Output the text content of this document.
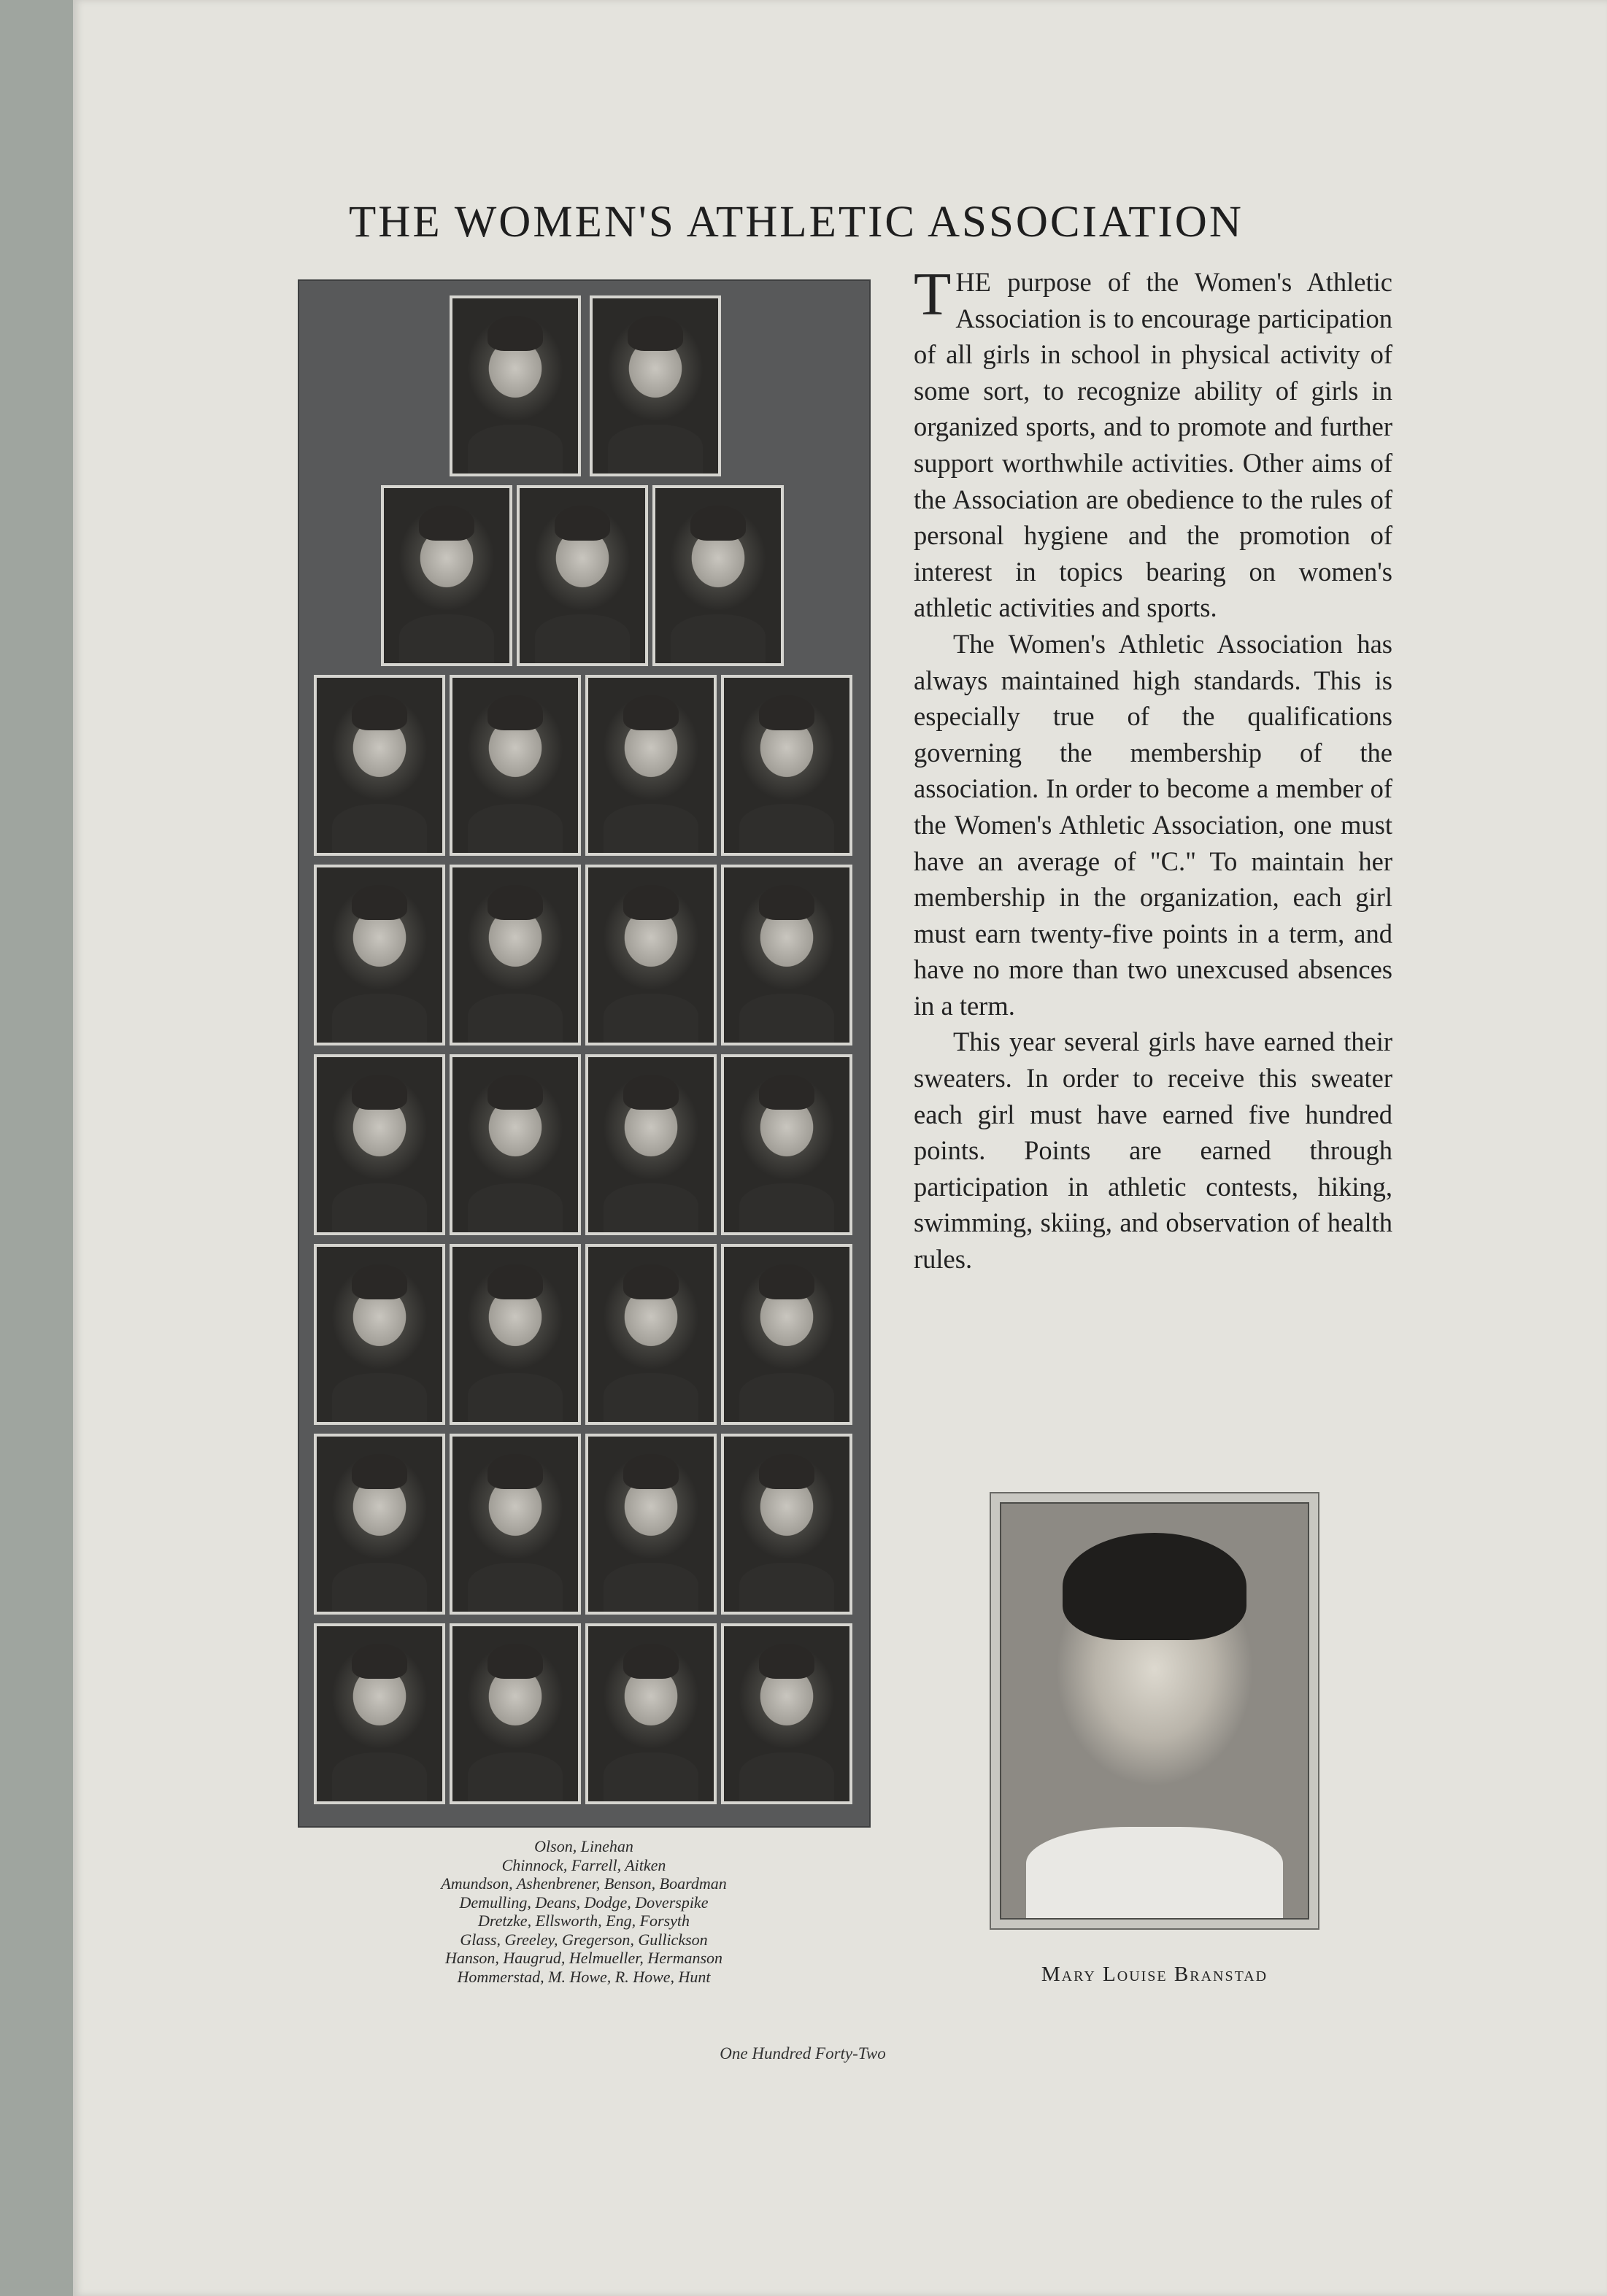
THE WOMEN'S ATHLETIC ASSOCIATION
Olson, Linehan
Chinnock, Farrell, Aitken
Amundson, Ashenbrener, Benson, Boardman
Demulling, Deans, Dodge, Doverspike
Dretzke, Ellsworth, Eng, Forsyth
Glass, Greeley, Gregerson, Gullickson
Hanson, Haugrud, Helmueller, Hermanson
Hommerstad, M. Howe, R. Howe, Hunt

THE purpose of the Women's Athletic Association is to encourage participation of all girls in school in physical activity of some sort, to recognize ability of girls in organized sports, and to promote and further support worthwhile activities. Other aims of the Association are obedience to the rules of personal hygiene and the promotion of interest in topics bearing on women's athletic activities and sports.

The Women's Athletic Association has always maintained high standards. This is especially true of the qualifications governing the membership of the association. In order to become a member of the Women's Athletic Association, one must have an average of "C." To maintain her membership in the organization, each girl must earn twenty-five points in a term, and have no more than two unexcused absences in a term.

This year several girls have earned their sweaters. In order to receive this sweater each girl must have earned five hundred points. Points are earned through participation in athletic contests, hiking, swimming, skiing, and observation of health rules.

Mary Louise Branstad
One Hundred Forty-Two
